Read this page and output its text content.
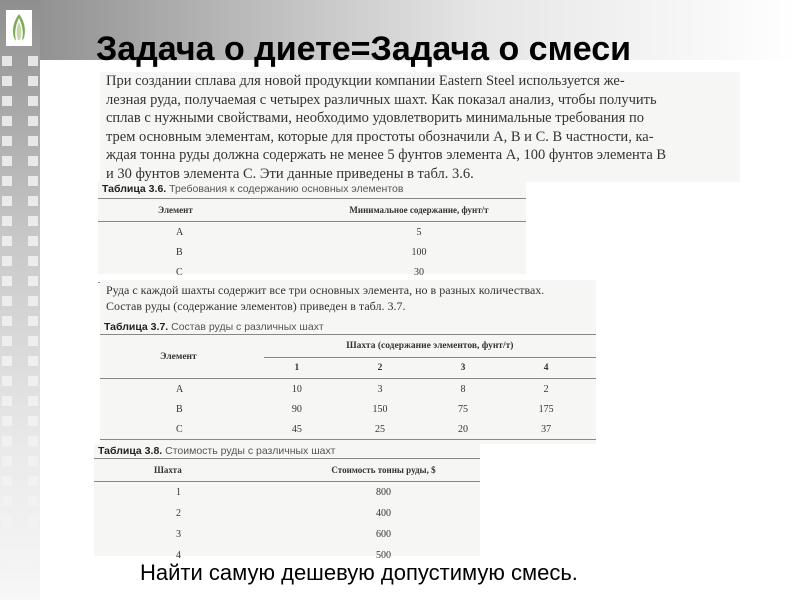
Задача о диете=Задача о смеси
При создании сплава для новой продукции компании Eastern Steel используется же-
лезная руда, получаемая с четырех различных шахт. Как показал анализ, чтобы получить
сплав с нужными свойствами, необходимо удовлетворить минимальные требования по
трем основным элементам, которые для простоты обозначили A, B и C. В частности, ка-
ждая тонна руды должна содержать не менее 5 фунтов элемента A, 100 фунтов элемента B
и 30 фунтов элемента C. Эти данные приведены в табл. 3.6.
Таблица 3.6. Требования к содержанию основных элементов
Элемент	Минимальное содержание, фунт/т
A	5
B	100
C	30
Руда с каждой шахты содержит все три основных элемента, но в разных количествах.
Состав руды (содержание элементов) приведен в табл. 3.7.
Таблица 3.7. Состав руды с различных шахт
Элемент	Шахта (содержание элементов, фунт/т)			
	1	2	3	4
A	10	3	8	2
B	90	150	75	175
C	45	25	20	37
Таблица 3.8. Стоимость руды с различных шахт
Шахта	Стоимость тонны руды, $
1	800
2	400
3	600
4	500
Найти самую дешевую допустимую смесь.
